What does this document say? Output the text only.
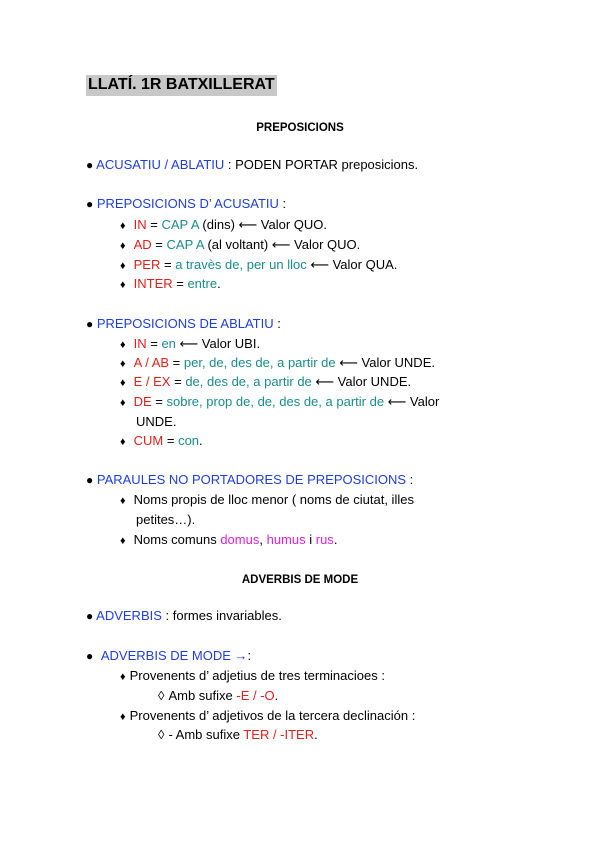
LLATÍ. 1R BATXILLERAT
PREPOSICIONS
● ACUSATIU / ABLATIU : PODEN PORTAR preposicions.
● PREPOSICIONS D’ ACUSATIU :
♦ IN = CAP A (dins) ⟵ Valor QUO.
♦ AD = CAP A (al voltant) ⟵ Valor QUO.
♦ PER = a travès de, per un lloc ⟵ Valor QUA.
♦ INTER = entre.
● PREPOSICIONS DE ABLATIU :
♦ IN = en ⟵ Valor UBI.
♦ A / AB = per, de, des de, a partir de ⟵ Valor UNDE.
♦ E / EX = de, des de, a partir de ⟵ Valor UNDE.
♦ DE = sobre, prop de, de, des de, a partir de ⟵ Valor
UNDE.
♦ CUM = con.
● PARAULES NO PORTADORES DE PREPOSICIONS :
♦ Noms propis de lloc menor ( noms de ciutat, illes
petites…).
♦ Noms comuns domus, humus i rus.
ADVERBIS DE MODE
● ADVERBIS : formes invariables.
● ADVERBIS DE MODE →:
♦ Provenents d’ adjetius de tres terminacioes :
◊ Amb sufixe -E / -O.
♦ Provenents d’ adjetivos de la tercera declinación :
◊ - Amb sufixe TER / -ITER.
